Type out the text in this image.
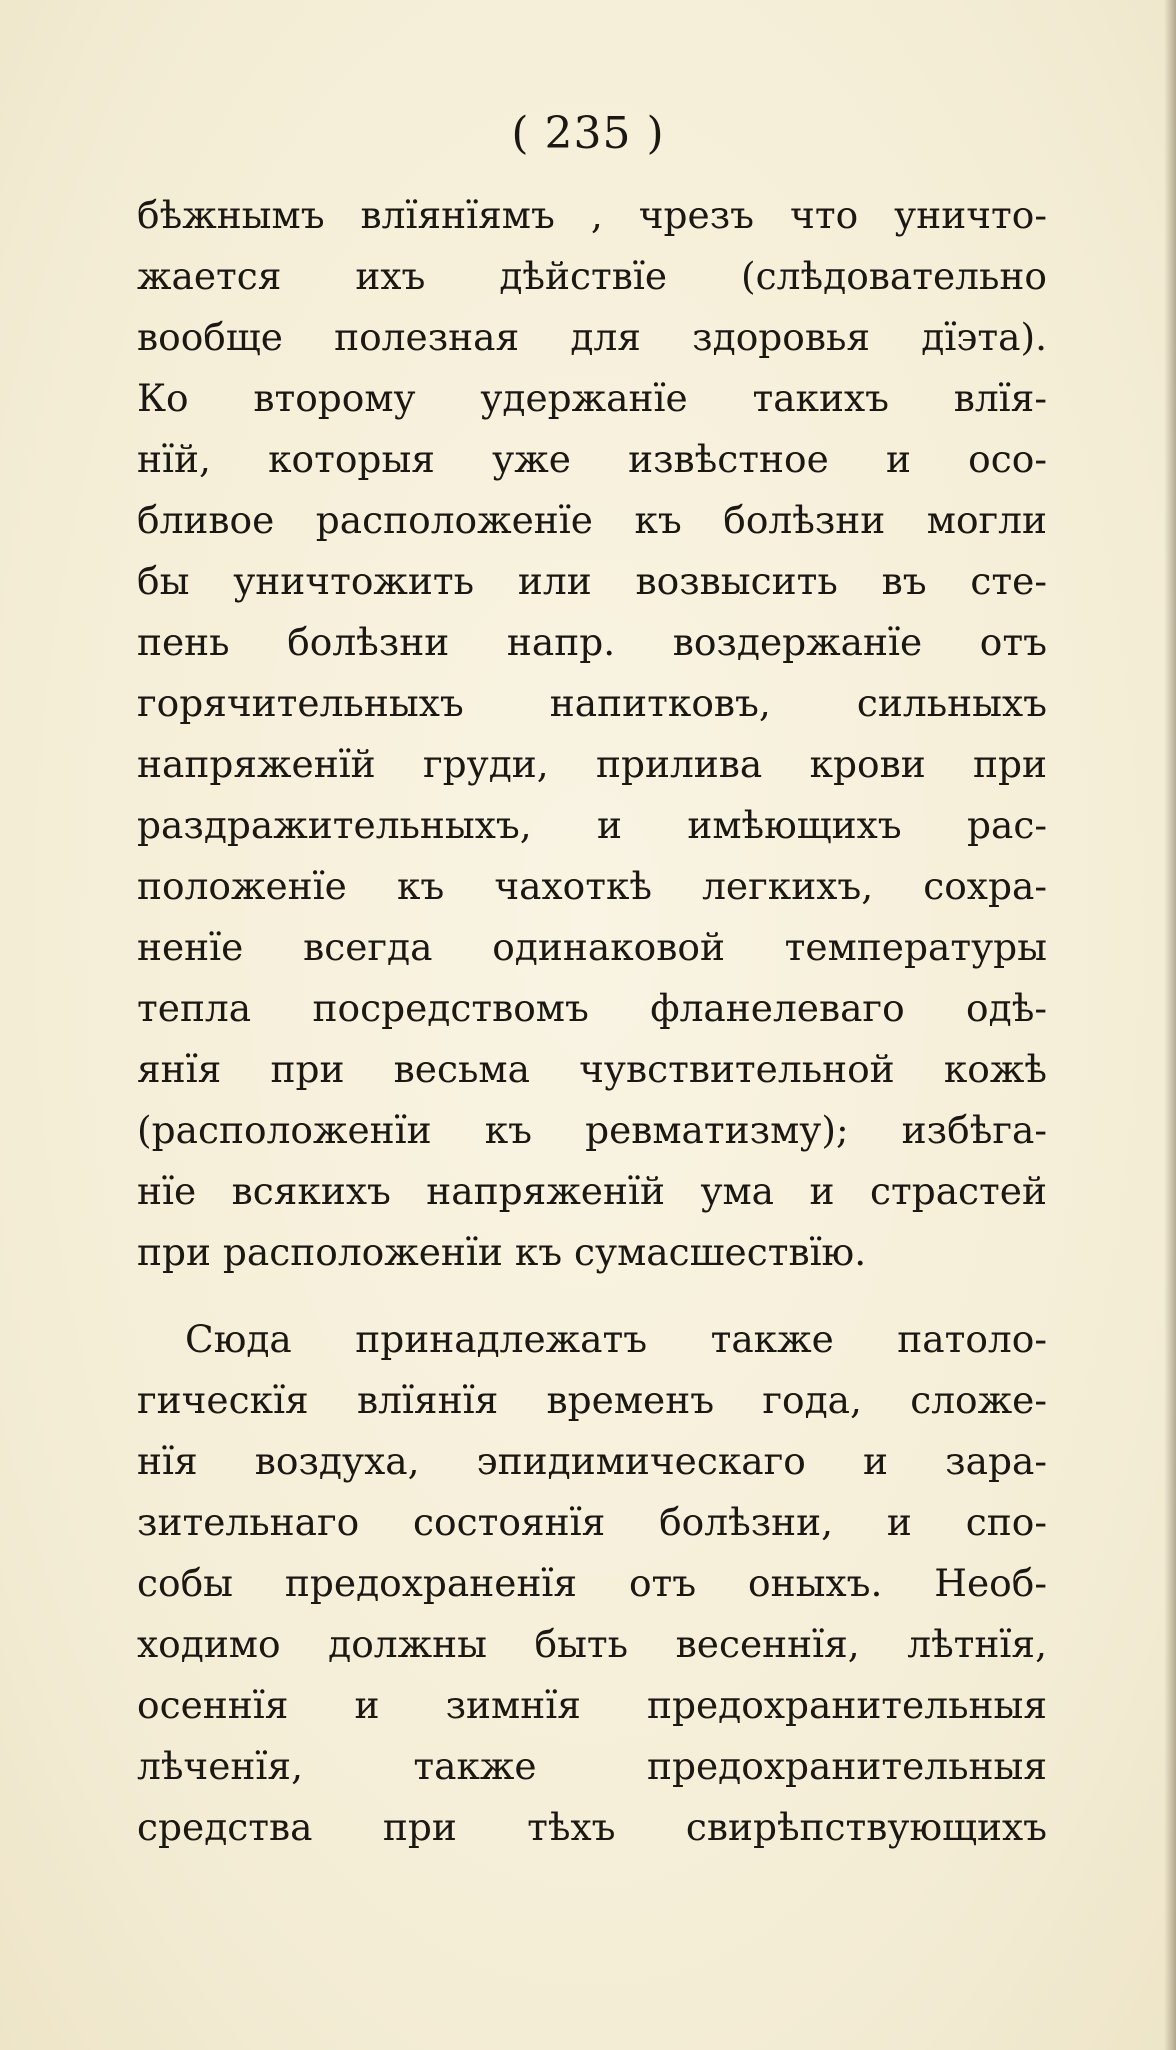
( 235 )
бѣжнымъ влїянїямъ , чрезъ что уничто-
жается ихъ дѣйствїе (слѣдовательно
вообще полезная для здоровья дїэта).
Ко второму удержанїе такихъ влїя-
нїй, которыя уже извѣстное и осо-
бливое расположенїе къ болѣзни могли
бы уничтожить или возвысить въ сте-
пень болѣзни напр. воздержанїе отъ
горячительныхъ напитковъ, сильныхъ
напряженїй груди, прилива крови при
раздражительныхъ, и имѣющихъ рас-
положенїе къ чахоткѣ легкихъ, сохра-
ненїе всегда одинаковой температуры
тепла посредствомъ фланелеваго одѣ-
янїя при весьма чувствительной кожѣ
(расположенїи къ ревматизму); избѣга-
нїе всякихъ напряженїй ума и страстей
при расположенїи къ сумасшествїю.
Сюда принадлежатъ также патоло-
гическїя влїянїя временъ года, сложе-
нїя воздуха, эпидимическаго и зара-
зительнаго состоянїя болѣзни, и спо-
собы предохраненїя отъ оныхъ. Необ-
ходимо должны быть весеннїя, лѣтнїя,
осеннїя и зимнїя предохранительныя
лѣченїя, также предохранительныя
средства при тѣхъ свирѣпствующихъ
